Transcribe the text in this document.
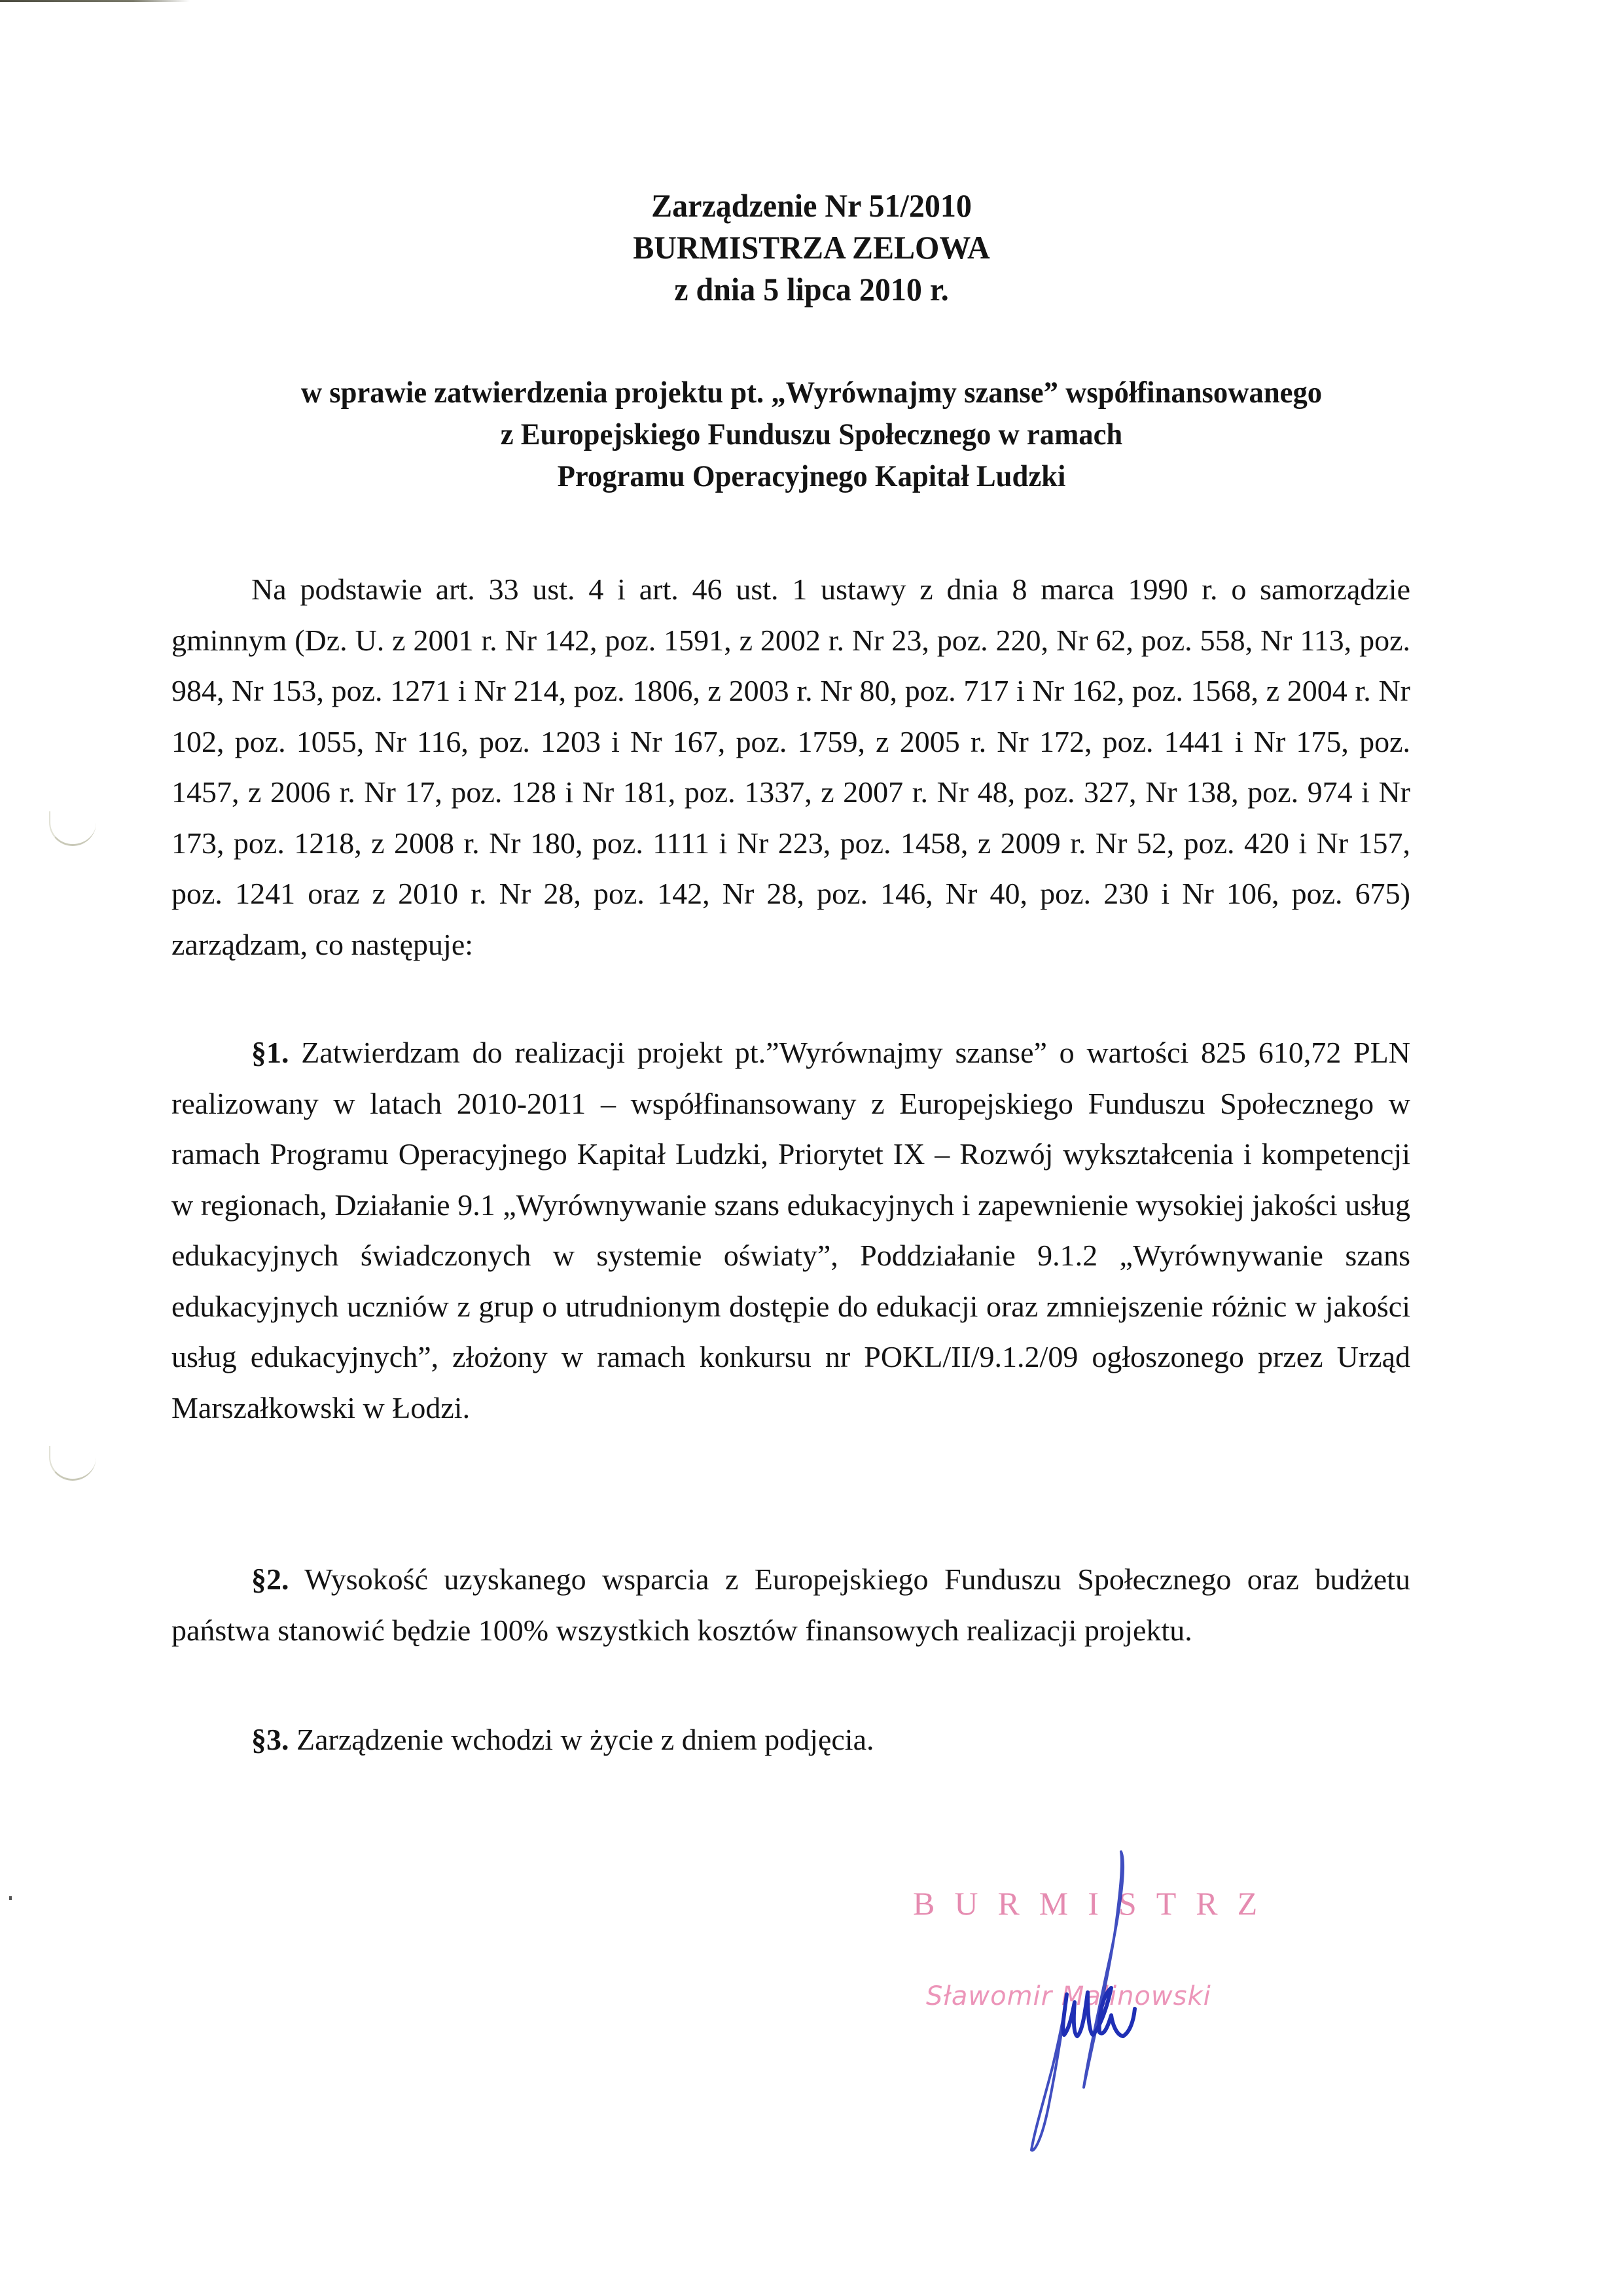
Zarządzenie Nr 51/2010
BURMISTRZA ZELOWA
z dnia 5 lipca 2010 r.
w sprawie zatwierdzenia projektu pt. „Wyrównajmy szanse” współfinansowanego
z Europejskiego Funduszu Społecznego w ramach
Programu Operacyjnego Kapitał Ludzki

Na podstawie art. 33 ust. 4 i art. 46 ust. 1 ustawy z dnia 8 marca 1990 r. o samorządzie gminnym (Dz. U. z 2001 r. Nr 142, poz. 1591, z 2002 r. Nr 23, poz. 220, Nr 62, poz. 558, Nr 113, poz. 984, Nr 153, poz. 1271 i Nr 214, poz. 1806, z 2003 r. Nr 80, poz. 717 i Nr 162, poz. 1568, z 2004 r. Nr 102, poz. 1055, Nr 116, poz. 1203 i Nr 167, poz. 1759, z 2005 r. Nr 172, poz. 1441 i Nr 175, poz. 1457, z 2006 r. Nr 17, poz. 128 i Nr 181, poz. 1337, z 2007 r. Nr 48, poz. 327, Nr 138, poz. 974 i Nr 173, poz. 1218, z 2008 r. Nr 180, poz. 1111 i Nr 223, poz. 1458, z 2009 r. Nr 52, poz. 420 i Nr 157, poz. 1241 oraz z 2010 r. Nr 28, poz. 142, Nr 28, poz. 146, Nr 40, poz. 230 i Nr 106, poz. 675) zarządzam, co następuje:

§1. Zatwierdzam do realizacji projekt pt.”Wyrównajmy szanse” o wartości 825 610,72 PLN realizowany w latach 2010-2011 – współfinansowany z Europejskiego Funduszu Społecznego w ramach Programu Operacyjnego Kapitał Ludzki, Priorytet IX – Rozwój wykształcenia i kompetencji w regionach, Działanie 9.1 „Wyrównywanie szans edukacyjnych i zapewnienie wysokiej jakości usług edukacyjnych świadczonych w systemie oświaty”, Poddziałanie 9.1.2 „Wyrównywanie szans edukacyjnych uczniów z grup o utrudnionym dostępie do edukacji oraz zmniejszenie różnic w jakości usług edukacyjnych”, złożony w ramach konkursu nr POKL/II/9.1.2/09 ogłoszonego przez Urząd Marszałkowski w Łodzi.

§2. Wysokość uzyskanego wsparcia z Europejskiego Funduszu Społecznego oraz budżetu państwa stanowić będzie 100% wszystkich kosztów finansowych realizacji projektu.

§3. Zarządzenie wchodzi w życie z dniem podjęcia.

BURMISTRZ
Sławomir Malinowski
